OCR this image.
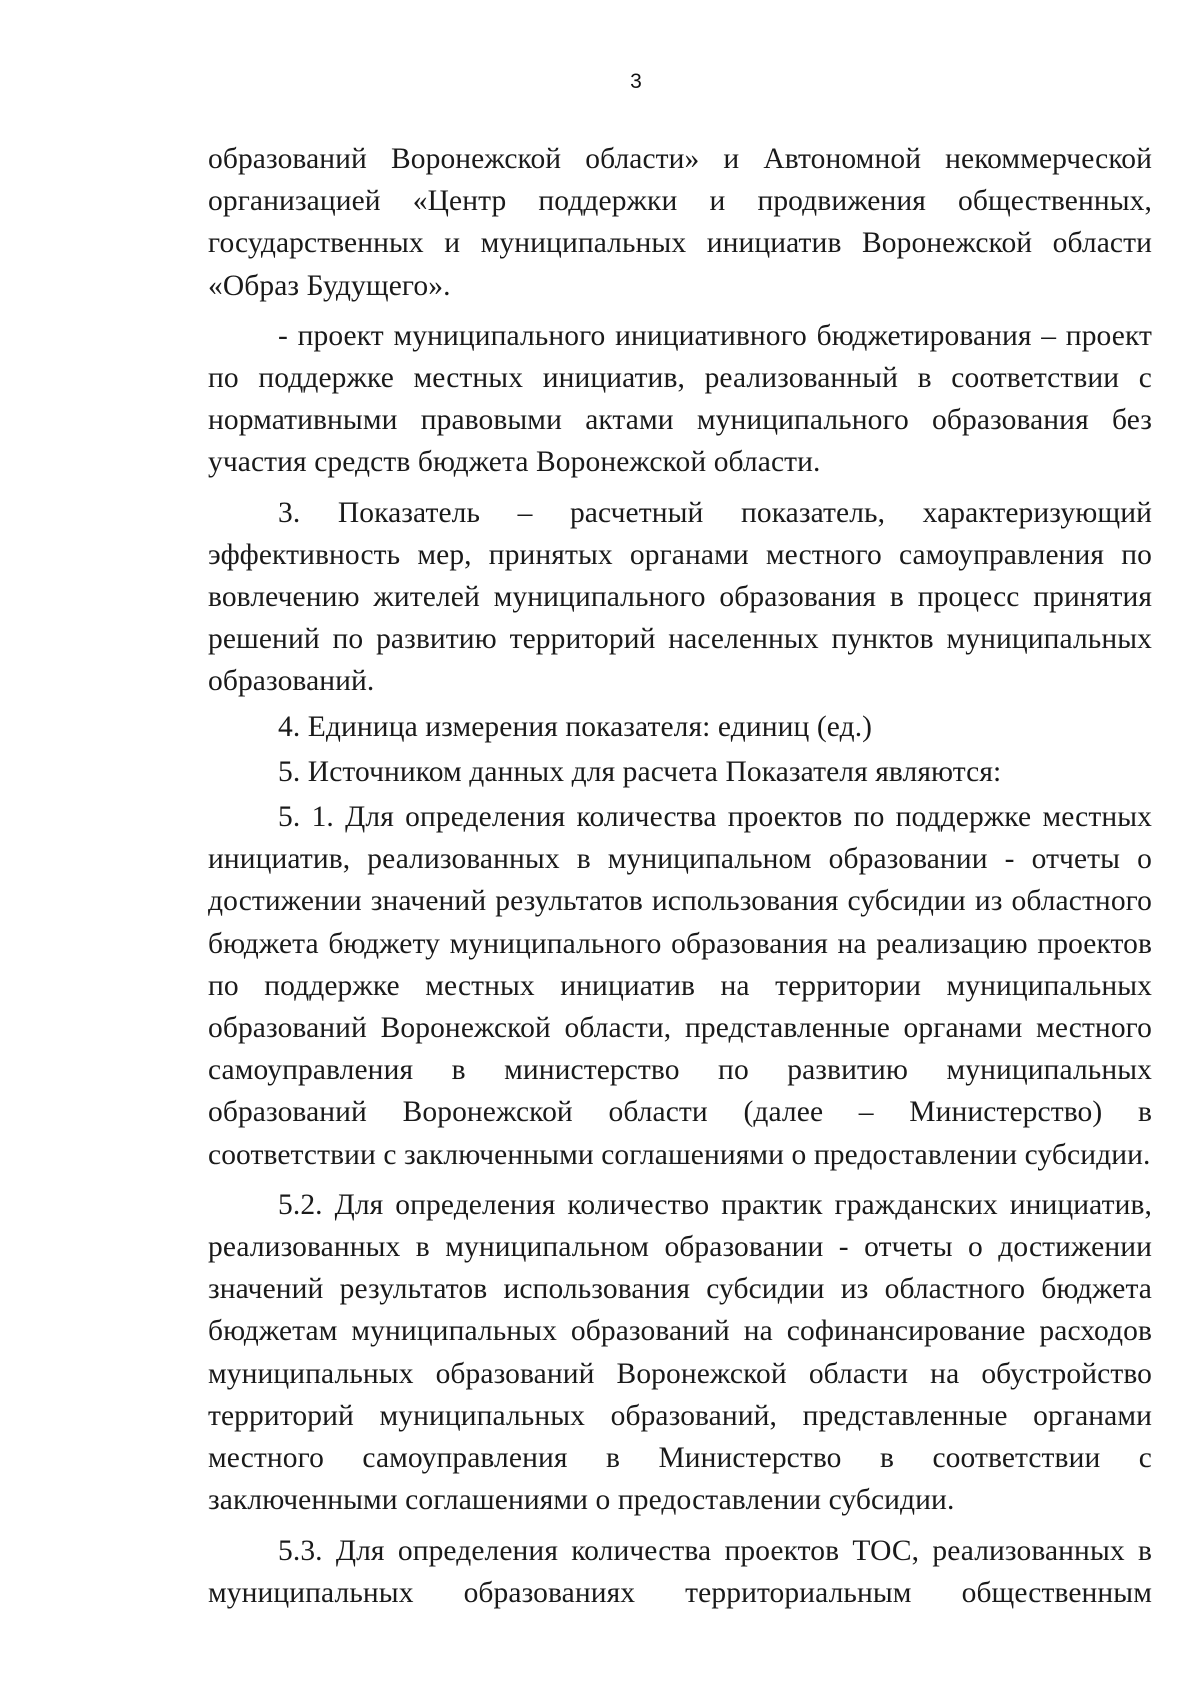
3

образований Воронежской области» и Автономной некоммерческой организацией «Центр поддержки и продвижения общественных, государственных и муниципальных инициатив Воронежской области «Образ Будущего».

- проект муниципального инициативного бюджетирования – проект по поддержке местных инициатив, реализованный в соответствии с нормативными правовыми актами муниципального образования без участия средств бюджета Воронежской области.

3. Показатель – расчетный показатель, характеризующий эффективность мер, принятых органами местного самоуправления по вовлечению жителей муниципального образования в процесс принятия решений по развитию территорий населенных пунктов муниципальных образований.

4. Единица измерения показателя: единиц (ед.)

5. Источником данных для расчета Показателя являются:

5. 1. Для определения количества проектов по поддержке местных инициатив, реализованных в муниципальном образовании - отчеты о достижении значений результатов использования субсидии из областного бюджета бюджету муниципального образования на реализацию проектов по поддержке местных инициатив на территории муниципальных образований Воронежской области, представленные органами местного самоуправления в министерство по развитию муниципальных образований Воронежской области (далее – Министерство) в соответствии с заключенными соглашениями о предоставлении субсидии.

5.2. Для определения количество практик гражданских инициатив, реализованных в муниципальном образовании - отчеты о достижении значений результатов использования субсидии из областного бюджета бюджетам муниципальных образований на софинансирование расходов муниципальных образований Воронежской области на обустройство территорий муниципальных образований, представленные органами местного самоуправления в Министерство в соответствии с заключенными соглашениями о предоставлении субсидии.

5.3. Для определения количества проектов ТОС, реализованных в муниципальных образованиях территориальным общественным
